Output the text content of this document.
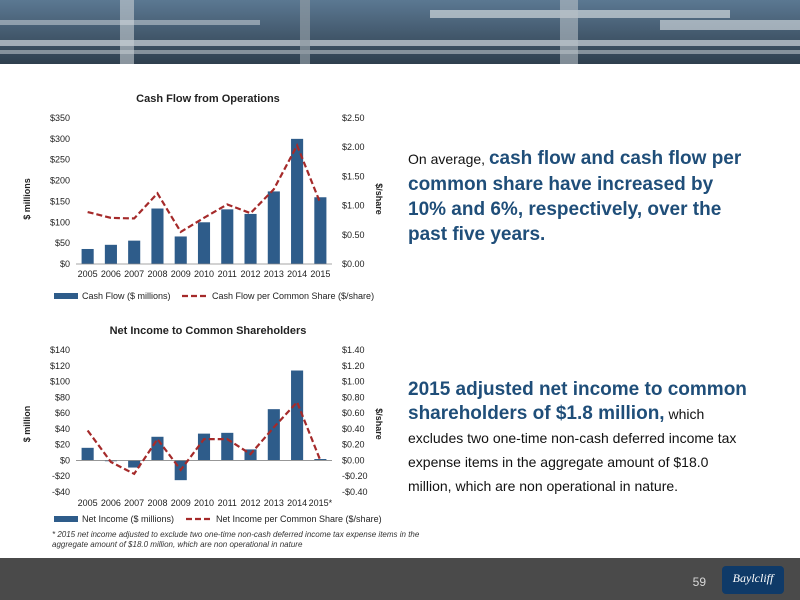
Cash Flow from Operations
$0
$50
$100
$150
$200
$250
$300
$350
$0.00
$0.50
$1.00
$1.50
$2.00
$2.50
2005 2006 2007 2008 2009 2010 2011 2012 2013 2014 2015
$ millions	$/share
Cash Flow ($ millions)	Cash Flow per Common Share ($/share)
Net Income to Common Shareholders
-$40
-$20
$0
$20
$40
$60
$80
$100
$120
$140
-$0.40
-$0.20
$0.00
$0.20
$0.40
$0.60
$0.80
$1.00
$1.20
$1.40
2005 2006 2007 2008 2009 2010 2011 2012 2013 2014 2015*
$ million	$/share
Net Income ($ millions)	Net Income per Common Share ($/share)
* 2015 net income adjusted to exclude two one-time non-cash deferred income tax expense items in the aggregate amount of $18.0 million, which are non operational in nature
On average, cash flow and cash flow per common share have increased by 10% and 6%, respectively, over the past five years.
2015 adjusted net income to common shareholders of $1.8 million, which excludes two one-time non-cash deferred income tax expense items in the aggregate amount of $18.0 million, which are non operational in nature.
59	Baylcliff
